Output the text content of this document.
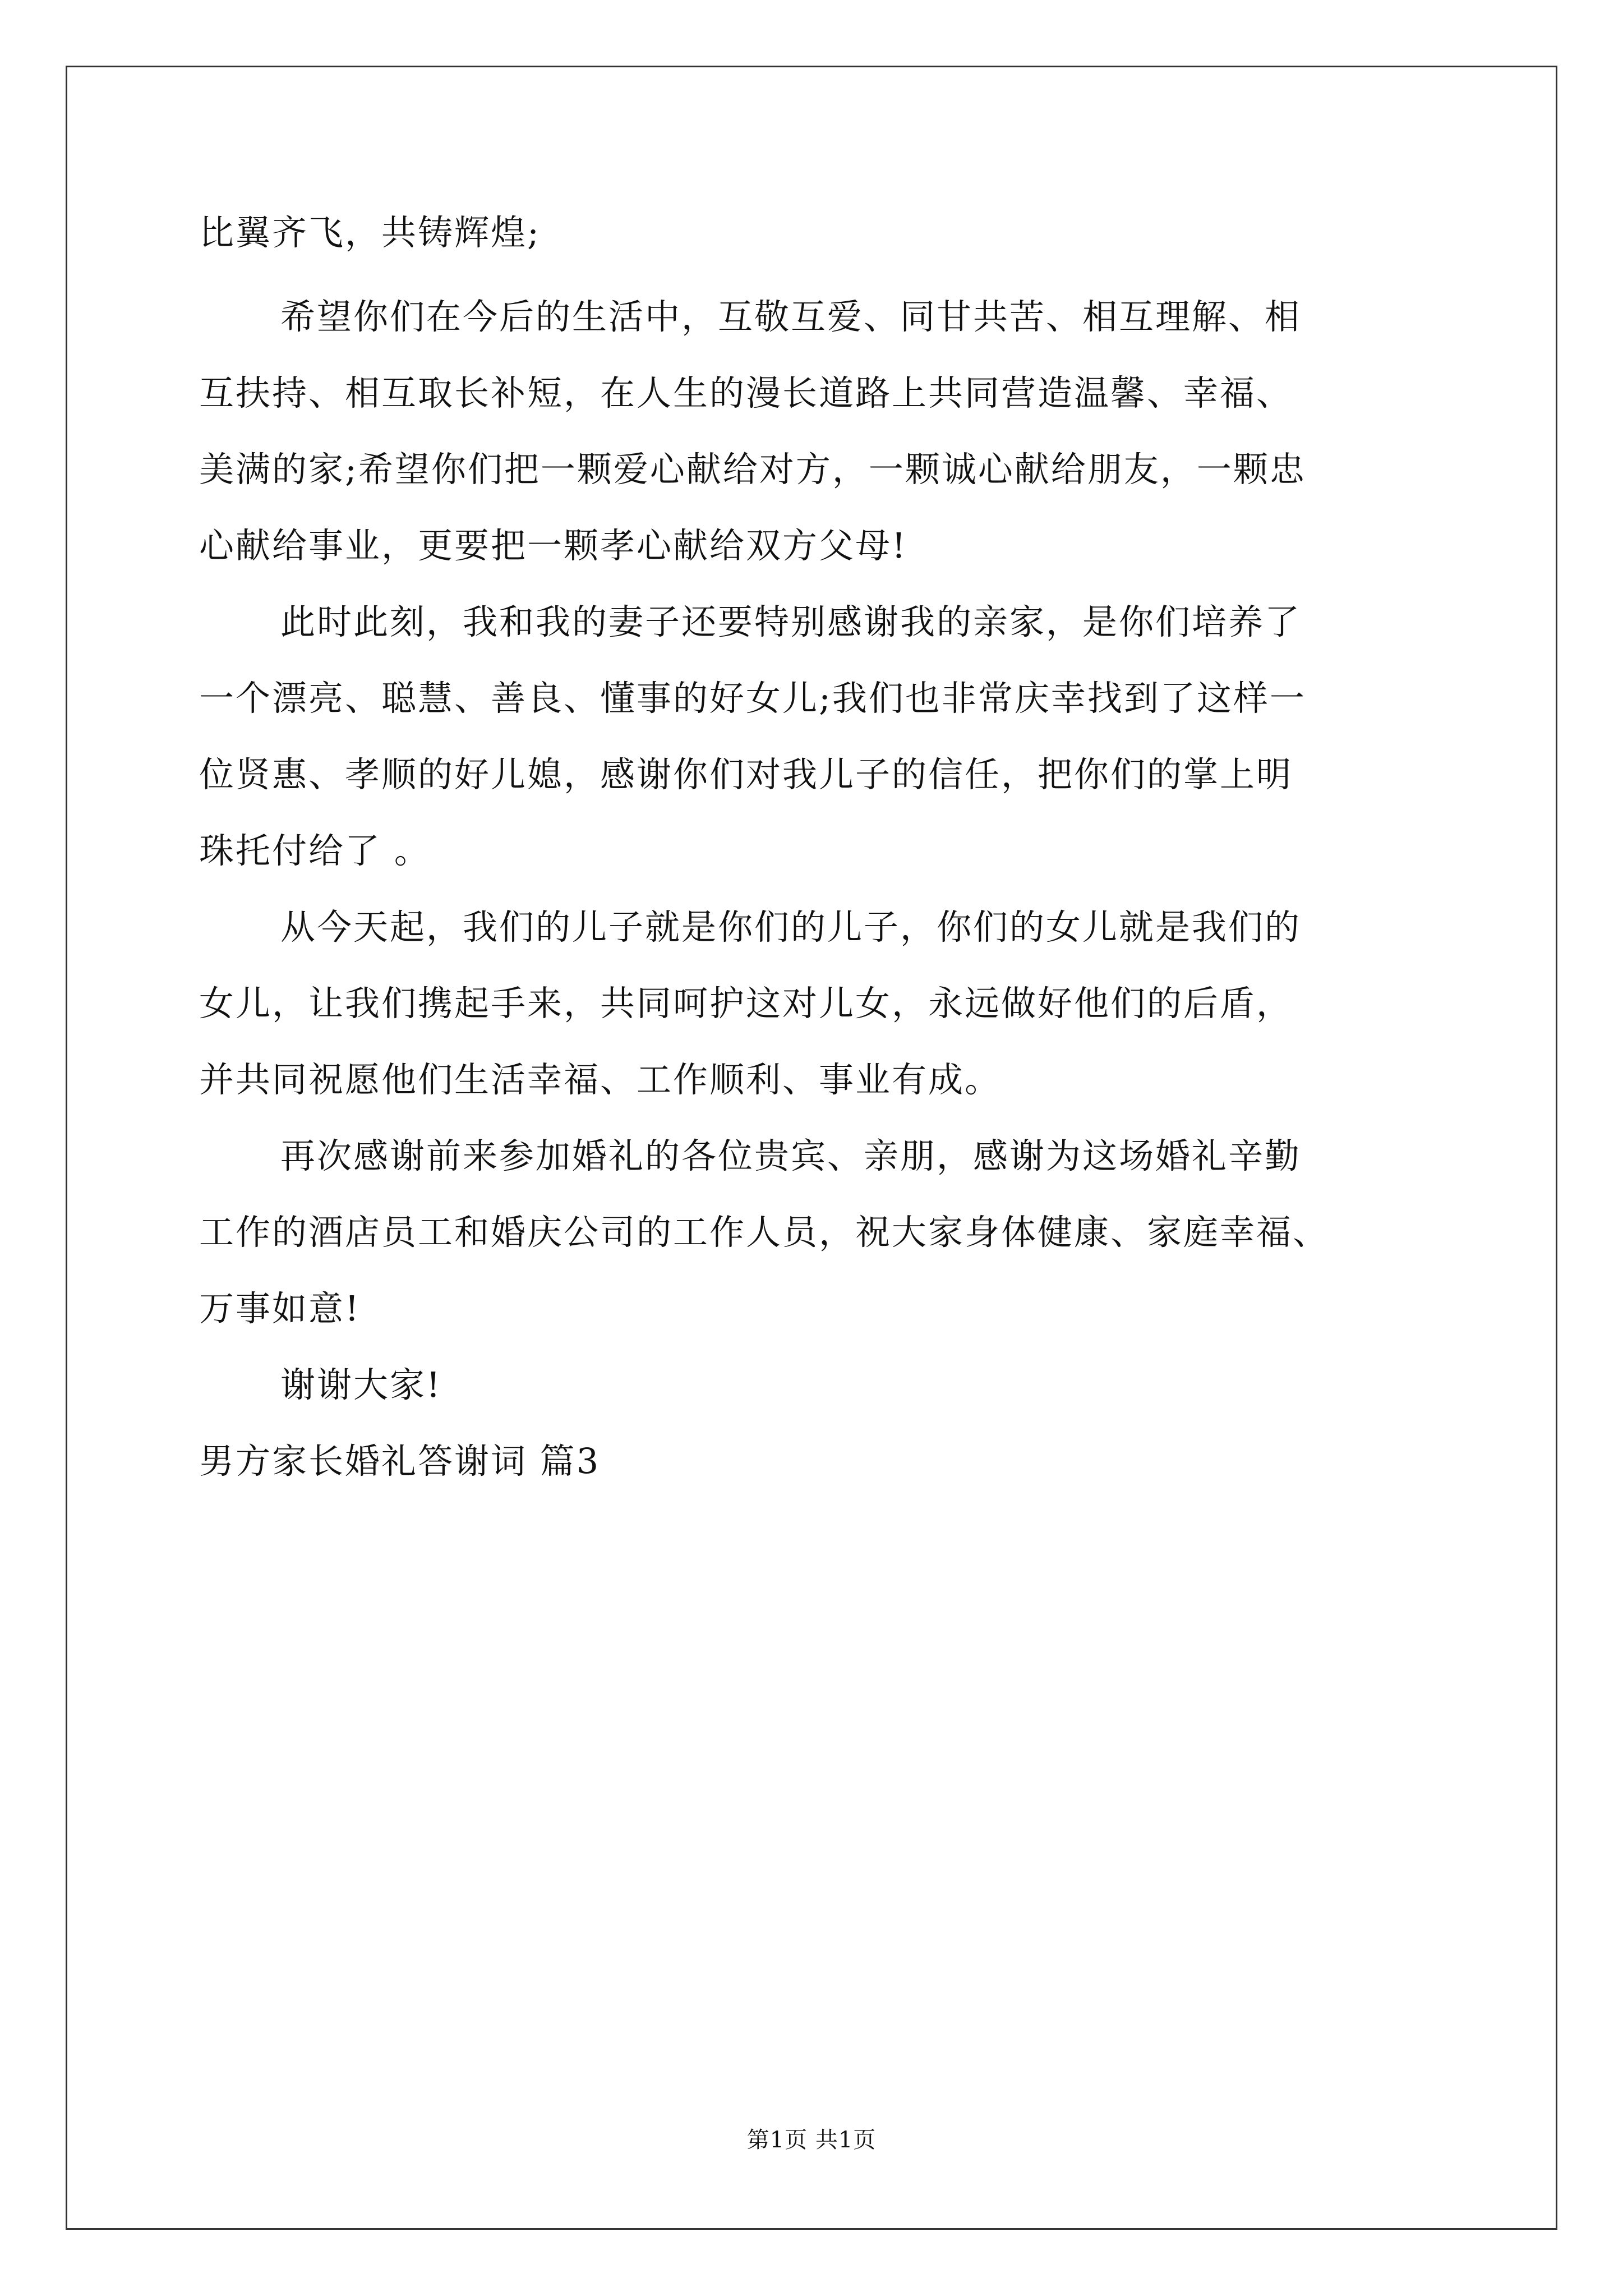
比翼齐飞，共铸辉煌;
希望你们在今后的生活中，互敬互爱、同甘共苦、相互理解、相
互扶持、相互取长补短，在人生的漫长道路上共同营造温馨、幸福、
美满的家;希望你们把一颗爱心献给对方，一颗诚心献给朋友，一颗忠
心献给事业，更要把一颗孝心献给双方父母!
此时此刻，我和我的妻子还要特别感谢我的亲家，是你们培养了
一个漂亮、聪慧、善良、懂事的好女儿;我们也非常庆幸找到了这样一
位贤惠、孝顺的好儿媳，感谢你们对我儿子的信任，把你们的掌上明
珠托付给了 。
从今天起，我们的儿子就是你们的儿子，你们的女儿就是我们的
女儿，让我们携起手来，共同呵护这对儿女，永远做好他们的后盾，
并共同祝愿他们生活幸福、工作顺利、事业有成。
再次感谢前来参加婚礼的各位贵宾、亲朋，感谢为这场婚礼辛勤
工作的酒店员工和婚庆公司的工作人员，祝大家身体健康、家庭幸福、
万事如意!
谢谢大家!
男方家长婚礼答谢词 篇3
第1页 共1页
